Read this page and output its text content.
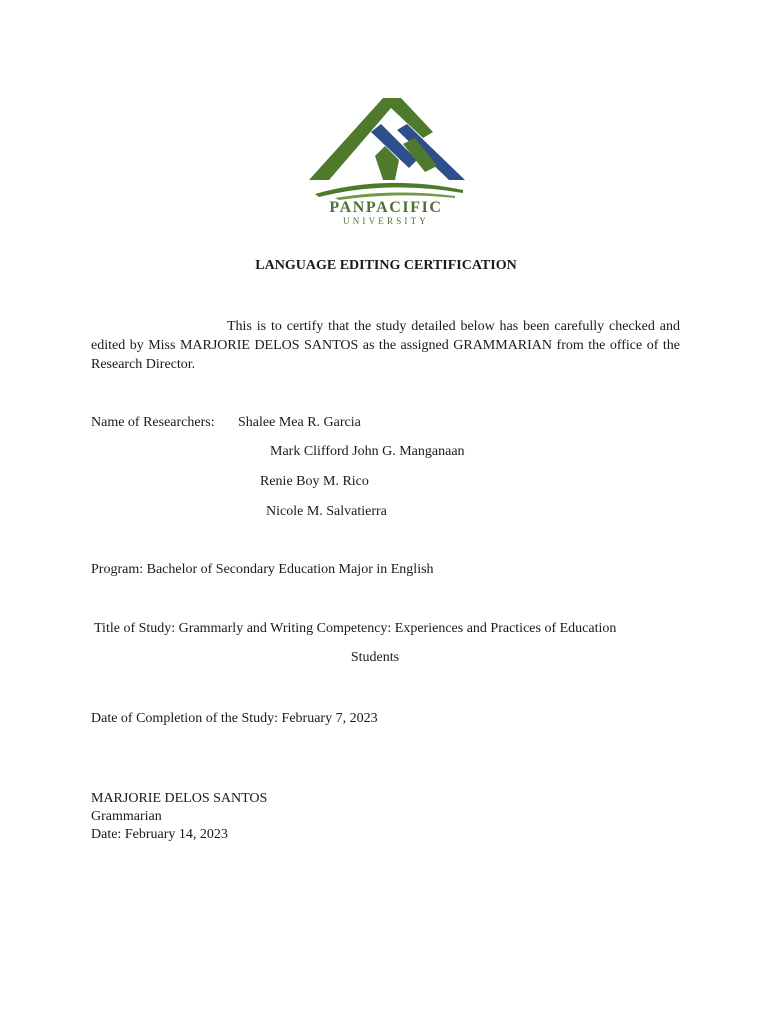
PANPACIFIC
UNIVERSITY
LANGUAGE EDITING CERTIFICATION
This is to certify that the study detailed below has been carefully checked and edited by Miss MARJORIE DELOS SANTOS as the assigned GRAMMARIAN from the office of the Research Director.
Name of Researchers: Shalee Mea R. Garcia
Mark Clifford John G. Manganaan
Renie Boy M. Rico
Nicole M. Salvatierra
Program: Bachelor of Secondary Education Major in English
Title of Study: Grammarly and Writing Competency: Experiences and Practices of Education
Students
Date of Completion of the Study: February 7, 2023
MARJORIE DELOS SANTOS
Grammarian
Date: February 14, 2023
